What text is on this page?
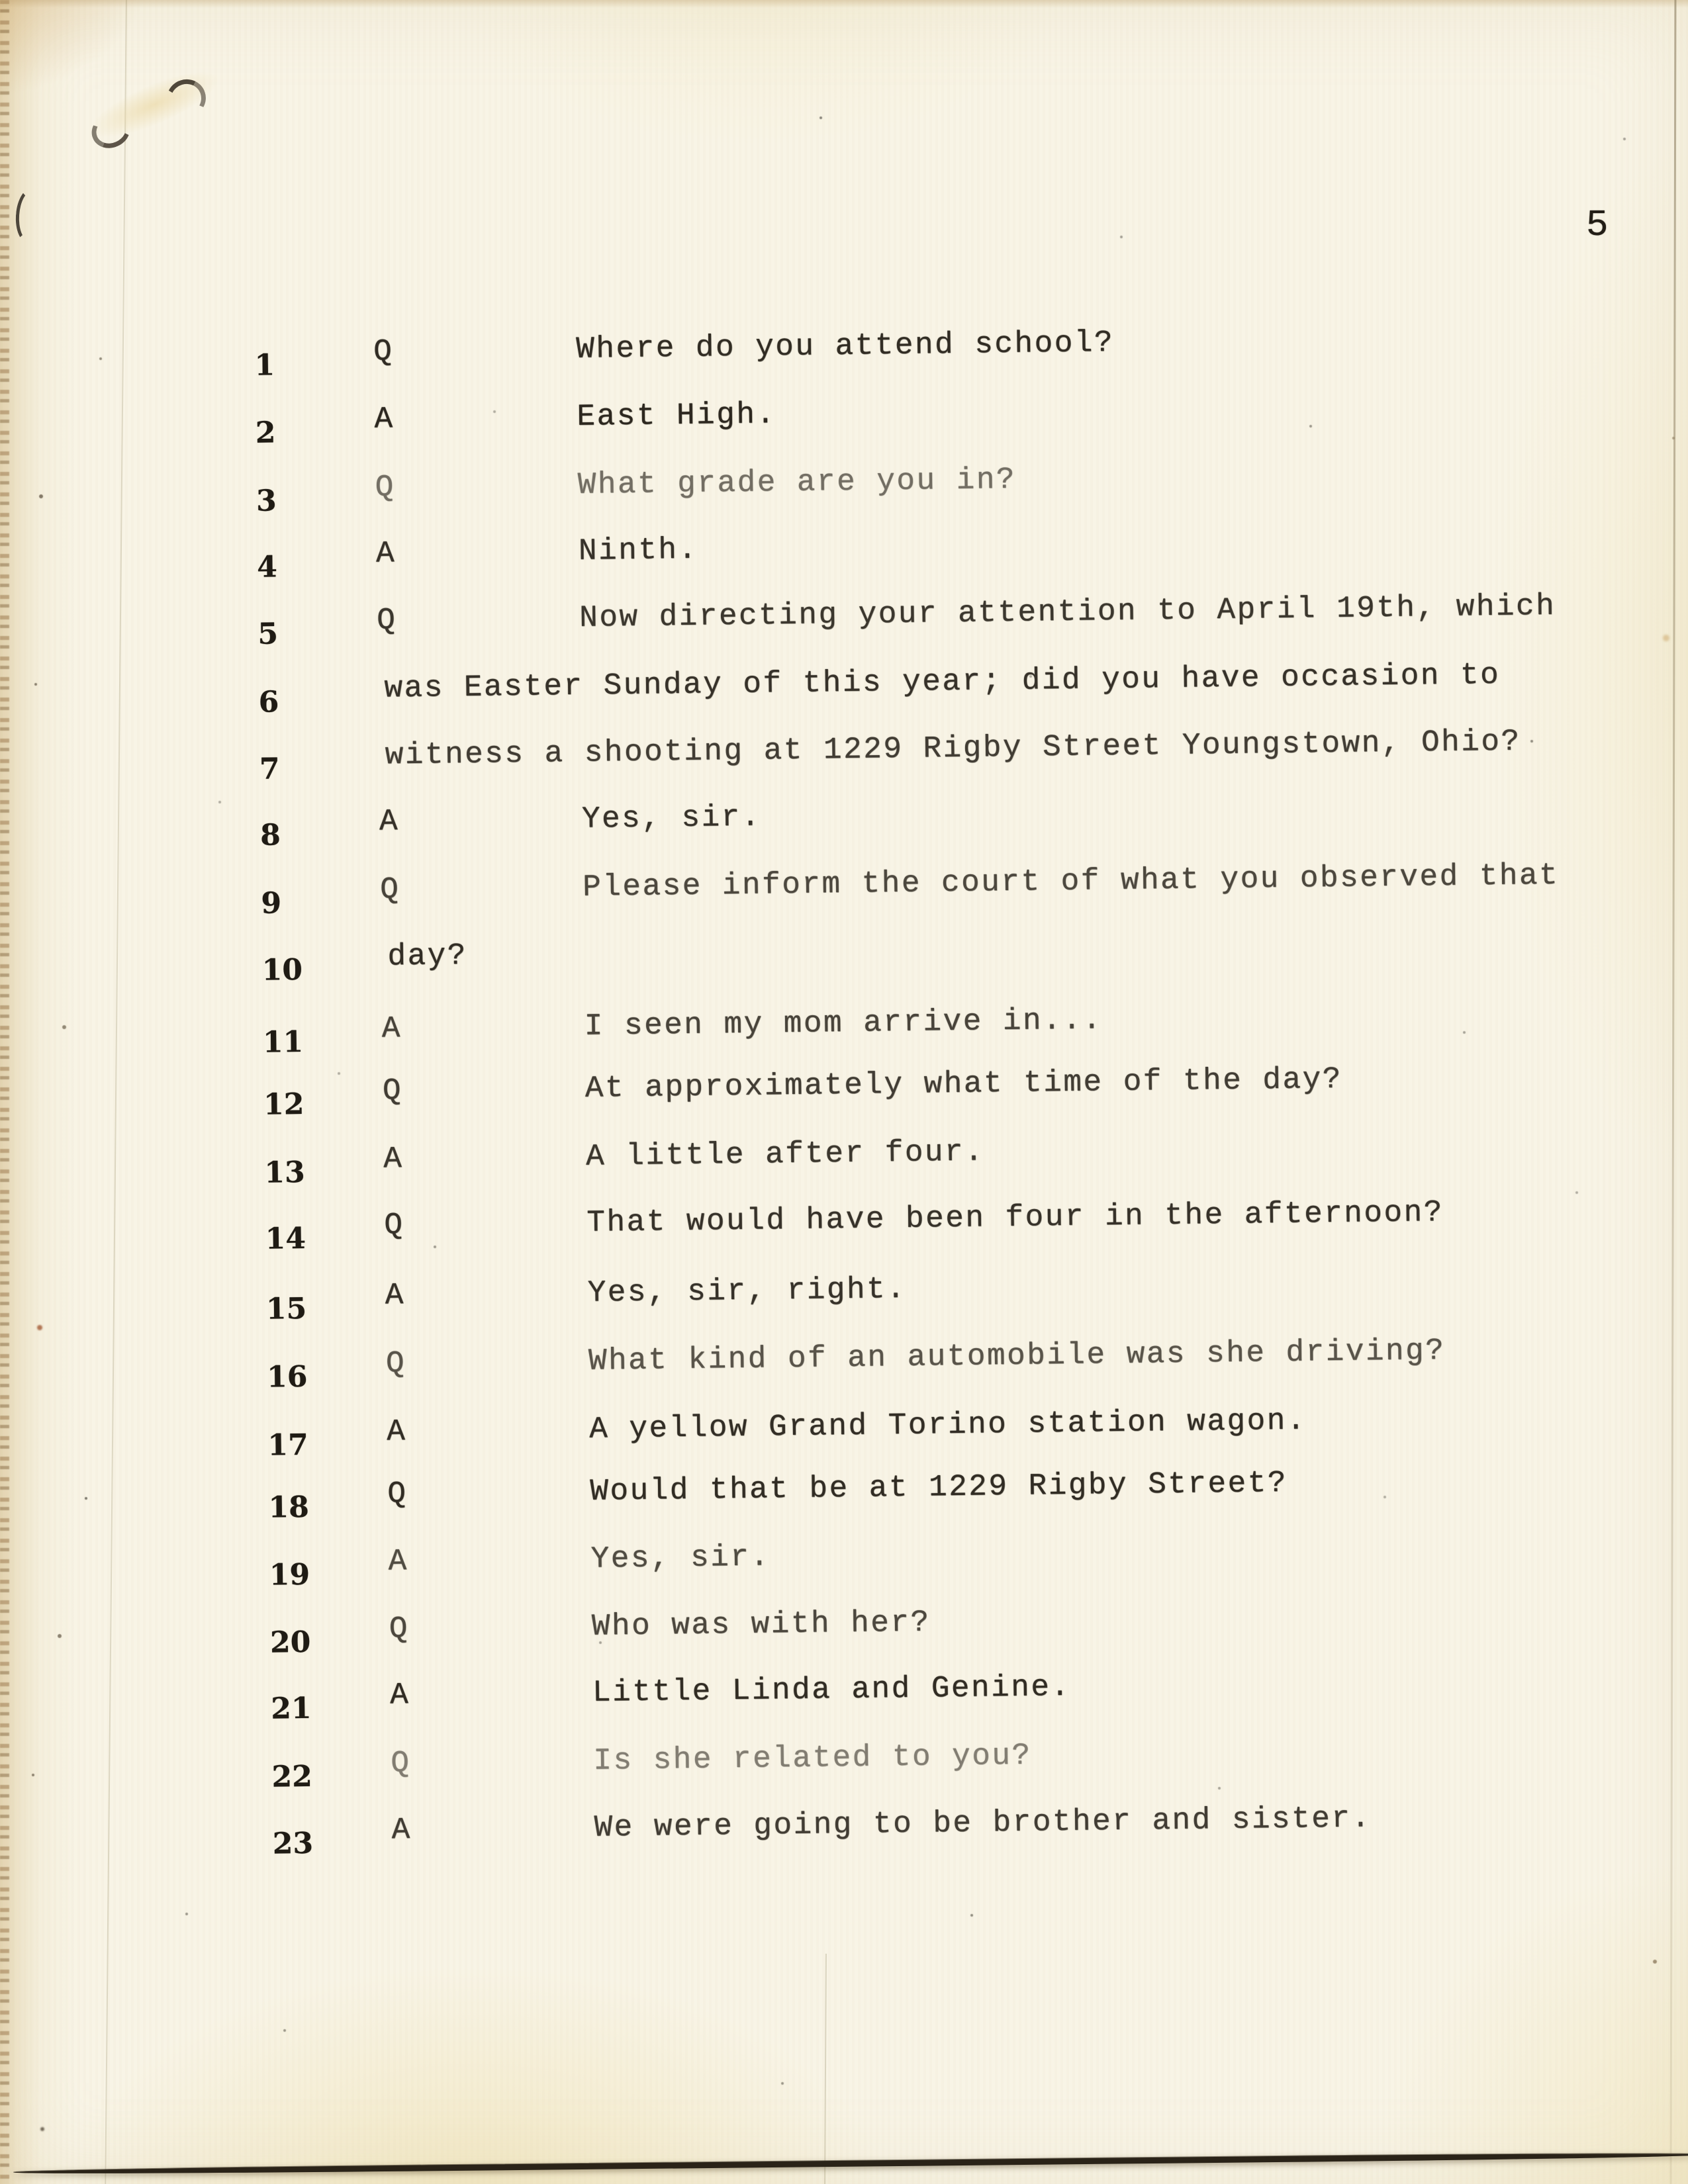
5
1	Q	Where do you attend school?
2	A	East High.
3	Q	What grade are you in?
4	A	Ninth.
5	Q	Now directing your attention to April 19th, which
6	was Easter Sunday of this year; did you have occasion to
7	witness a shooting at 1229 Rigby Street Youngstown, Ohio?
8	A	Yes, sir.
9	Q	Please inform the court of what you observed that
10	day?
11	A	I seen my mom arrive in...
12	Q	At approximately what time of the day?
13	A	A little after four.
14	Q	That would have been four in the afternoon?
15	A	Yes, sir, right.
16	Q	What kind of an automobile was she driving?
17	A	A yellow Grand Torino station wagon.
18	Q	Would that be at 1229 Rigby Street?
19	A	Yes, sir.
20	Q	Who was with her?
21	A	Little Linda and Genine.
22	Q	Is she related to you?
23	A	We were going to be brother and sister.
